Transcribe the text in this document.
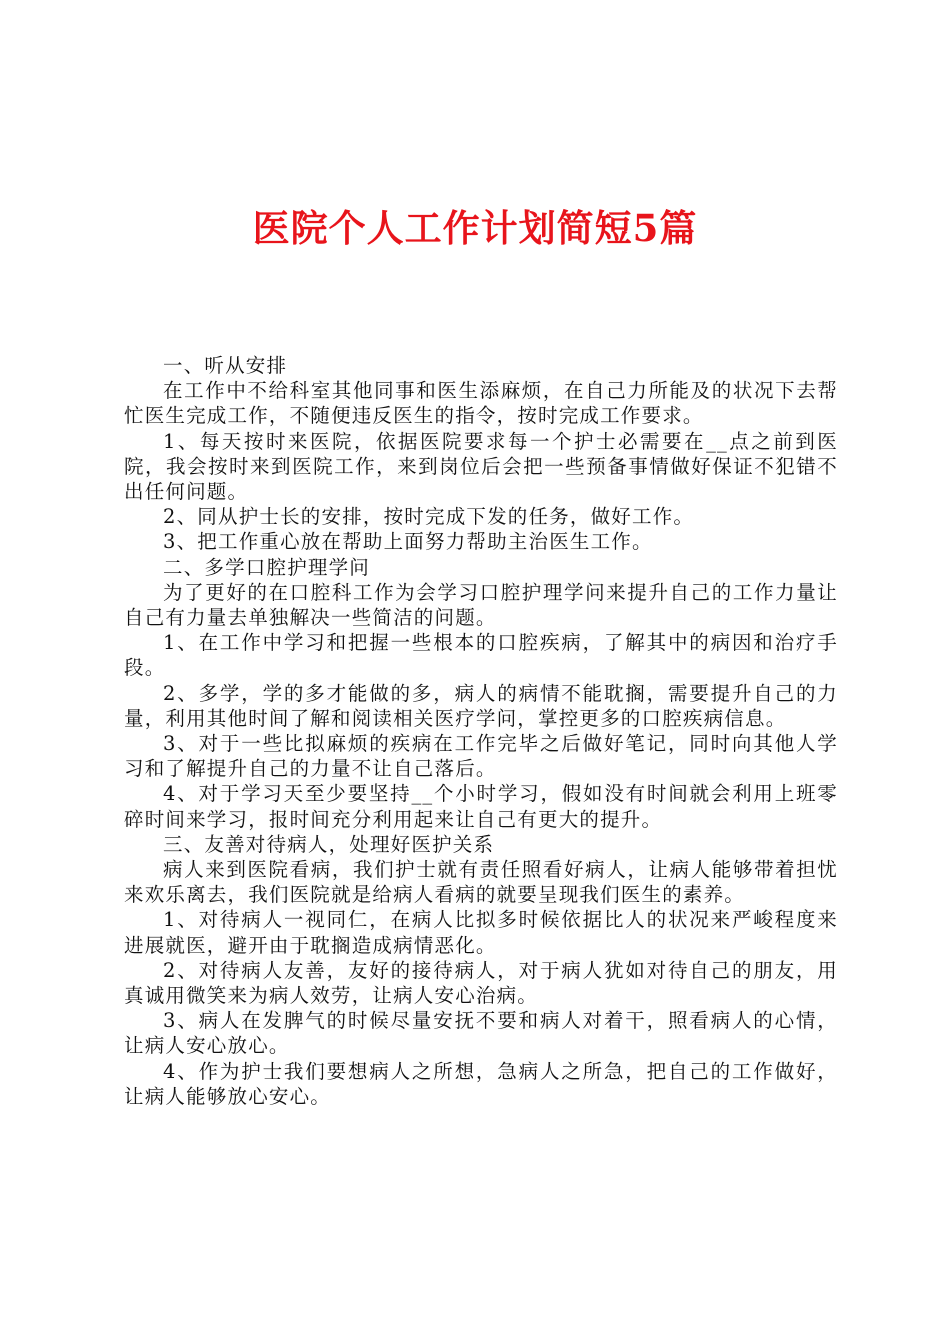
医院个人工作计划简短5篇

一、听从安排

在工作中不给科室其他同事和医生添麻烦，在自己力所能及的状况下去帮忙医生完成工作，不随便违反医生的指令，按时完成工作要求。

1、每天按时来医院，依据医院要求每一个护士必需要在__点之前到医院，我会按时来到医院工作，来到岗位后会把一些预备事情做好保证不犯错不出任何问题。

2、同从护士长的安排，按时完成下发的任务，做好工作。

3、把工作重心放在帮助上面努力帮助主治医生工作。

二、多学口腔护理学问

为了更好的在口腔科工作为会学习口腔护理学问来提升自己的工作力量让自己有力量去单独解决一些简洁的问题。

1、在工作中学习和把握一些根本的口腔疾病，了解其中的病因和治疗手段。

2、多学，学的多才能做的多，病人的病情不能耽搁，需要提升自己的力量，利用其他时间了解和阅读相关医疗学问，掌控更多的口腔疾病信息。

3、对于一些比拟麻烦的疾病在工作完毕之后做好笔记，同时向其他人学习和了解提升自己的力量不让自己落后。

4、对于学习天至少要坚持__个小时学习，假如没有时间就会利用上班零碎时间来学习，报时间充分利用起来让自己有更大的提升。

三、友善对待病人，处理好医护关系

病人来到医院看病，我们护士就有责任照看好病人，让病人能够带着担忧来欢乐离去，我们医院就是给病人看病的就要呈现我们医生的素养。

1、对待病人一视同仁，在病人比拟多时候依据比人的状况来严峻程度来进展就医，避开由于耽搁造成病情恶化。

2、对待病人友善，友好的接待病人，对于病人犹如对待自己的朋友，用真诚用微笑来为病人效劳，让病人安心治病。

3、病人在发脾气的时候尽量安抚不要和病人对着干，照看病人的心情，让病人安心放心。

4、作为护士我们要想病人之所想，急病人之所急，把自己的工作做好，让病人能够放心安心。
